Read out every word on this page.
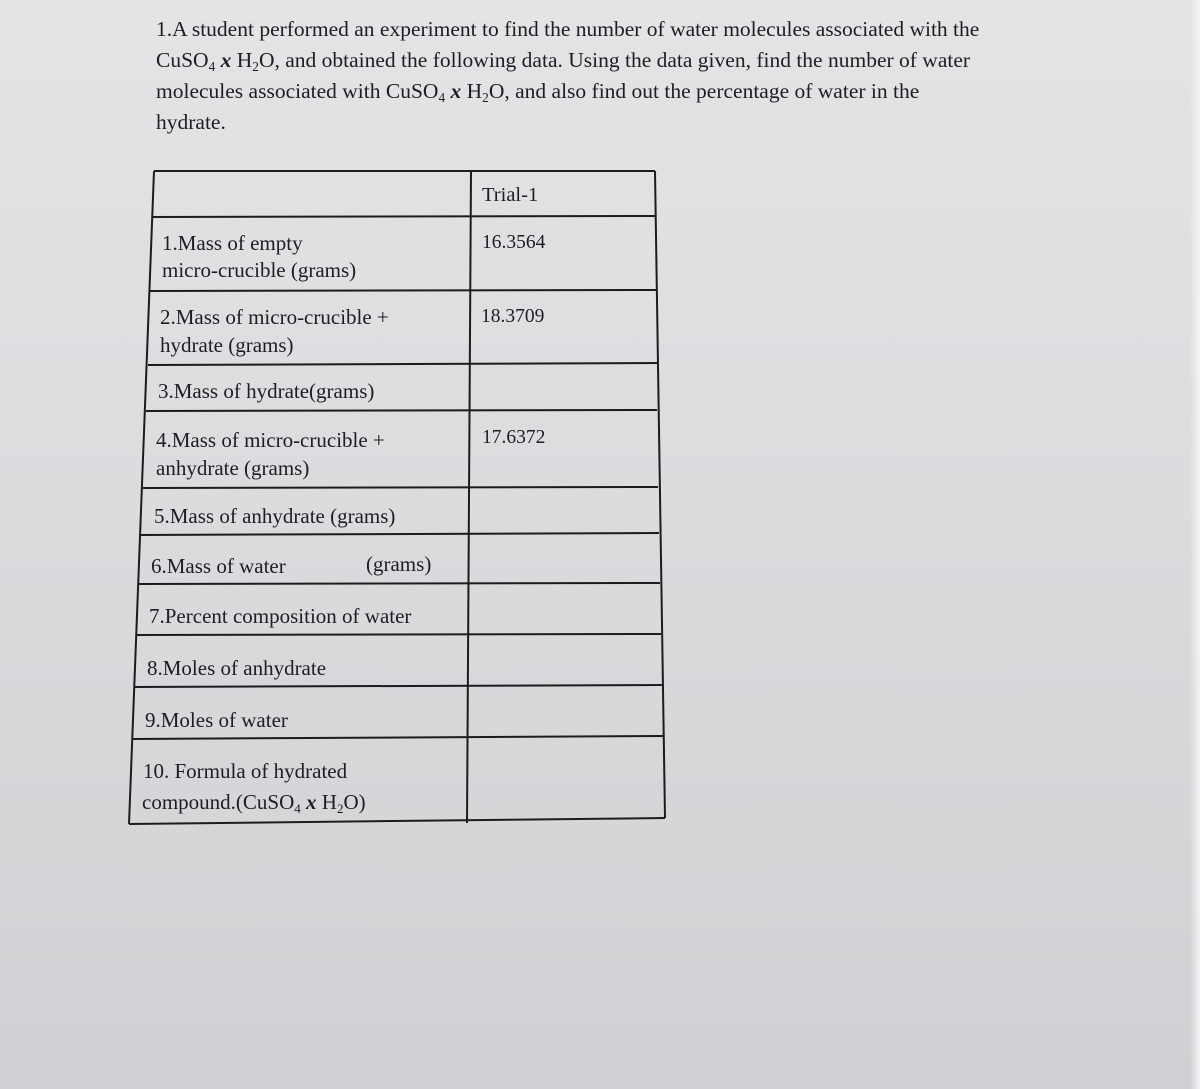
1.A student performed an experiment to find the number of water molecules associated with the

CuSO$_4$ x $H_2O$, and obtained the following data. Using the data given, find the number of water

molecules associated with CuSO$_4$ x $H_2O$, and also find out the percentage of water in the

hydrate.

Trial-1
1.Mass of empty
micro-crucible (grams)
16.3564
2.Mass of micro-crucible +
hydrate (grams)
18.3709
3.Mass of hydrate(grams)
4.Mass of micro-crucible +
anhydrate (grams)
17.6372
5.Mass of anhydrate (grams)
6.Mass of water	(grams)
7.Percent composition of water
8.Moles of anhydrate
9.Moles of water
10. Formula of hydrated
compound.(CuSO$_4$ x $H_2O$)
